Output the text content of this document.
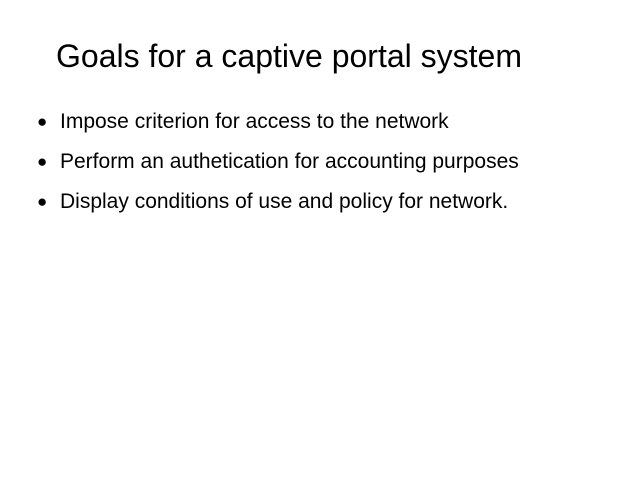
Goals for a captive portal system
● Impose criterion for access to the network
● Perform an authetication for accounting purposes
● Display conditions of use and policy for network.
